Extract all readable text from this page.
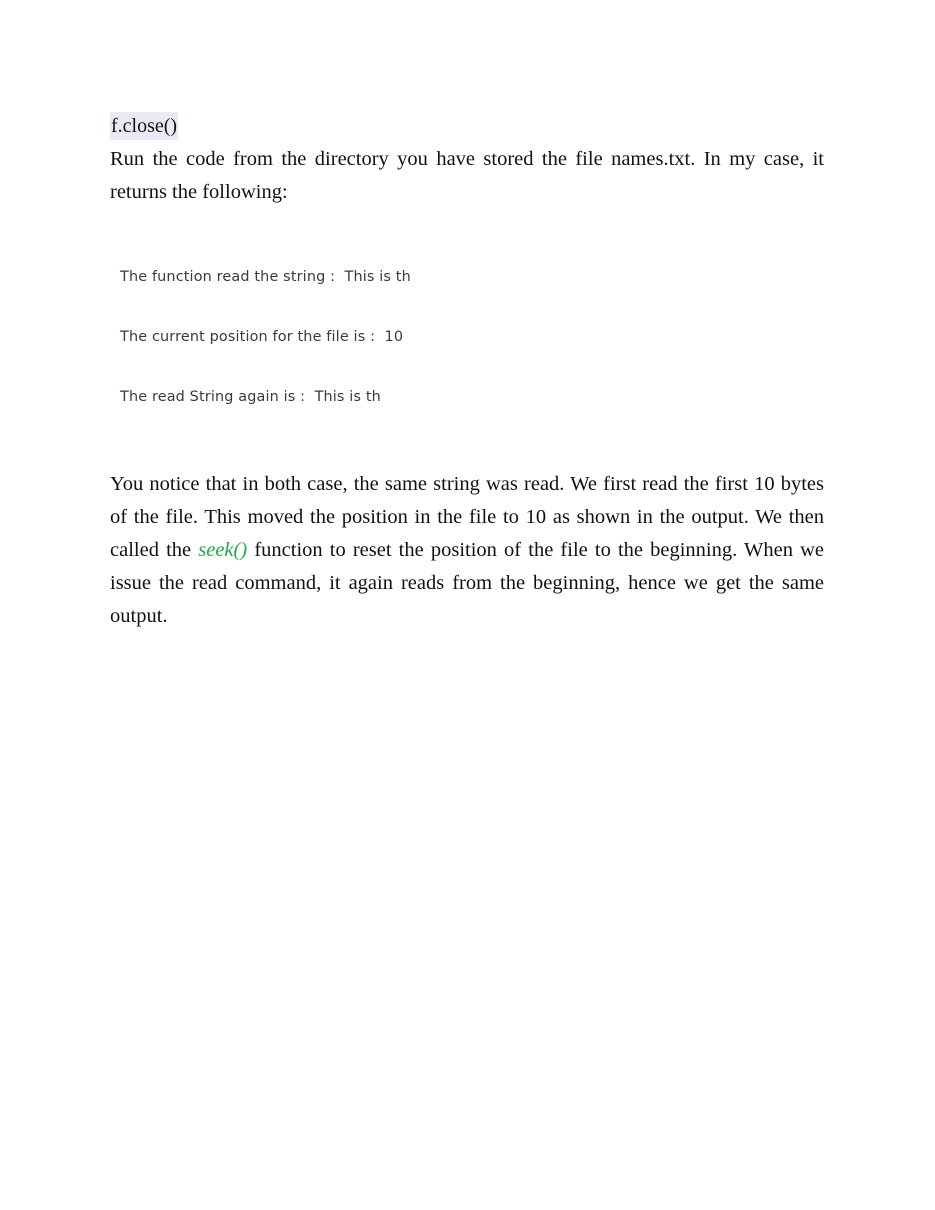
f.close()

Run the code from the directory you have stored the file names.txt. In my case, it returns the following:

The function read the string :  This is th

The current position for the file is :  10

The read String again is :  This is th

You notice that in both case, the same string was read. We first read the first 10 bytes of the file. This moved the position in the file to 10 as shown in the output. We then called the seek() function to reset the position of the file to the beginning. When we issue the read command, it again reads from the beginning, hence we get the same output.
